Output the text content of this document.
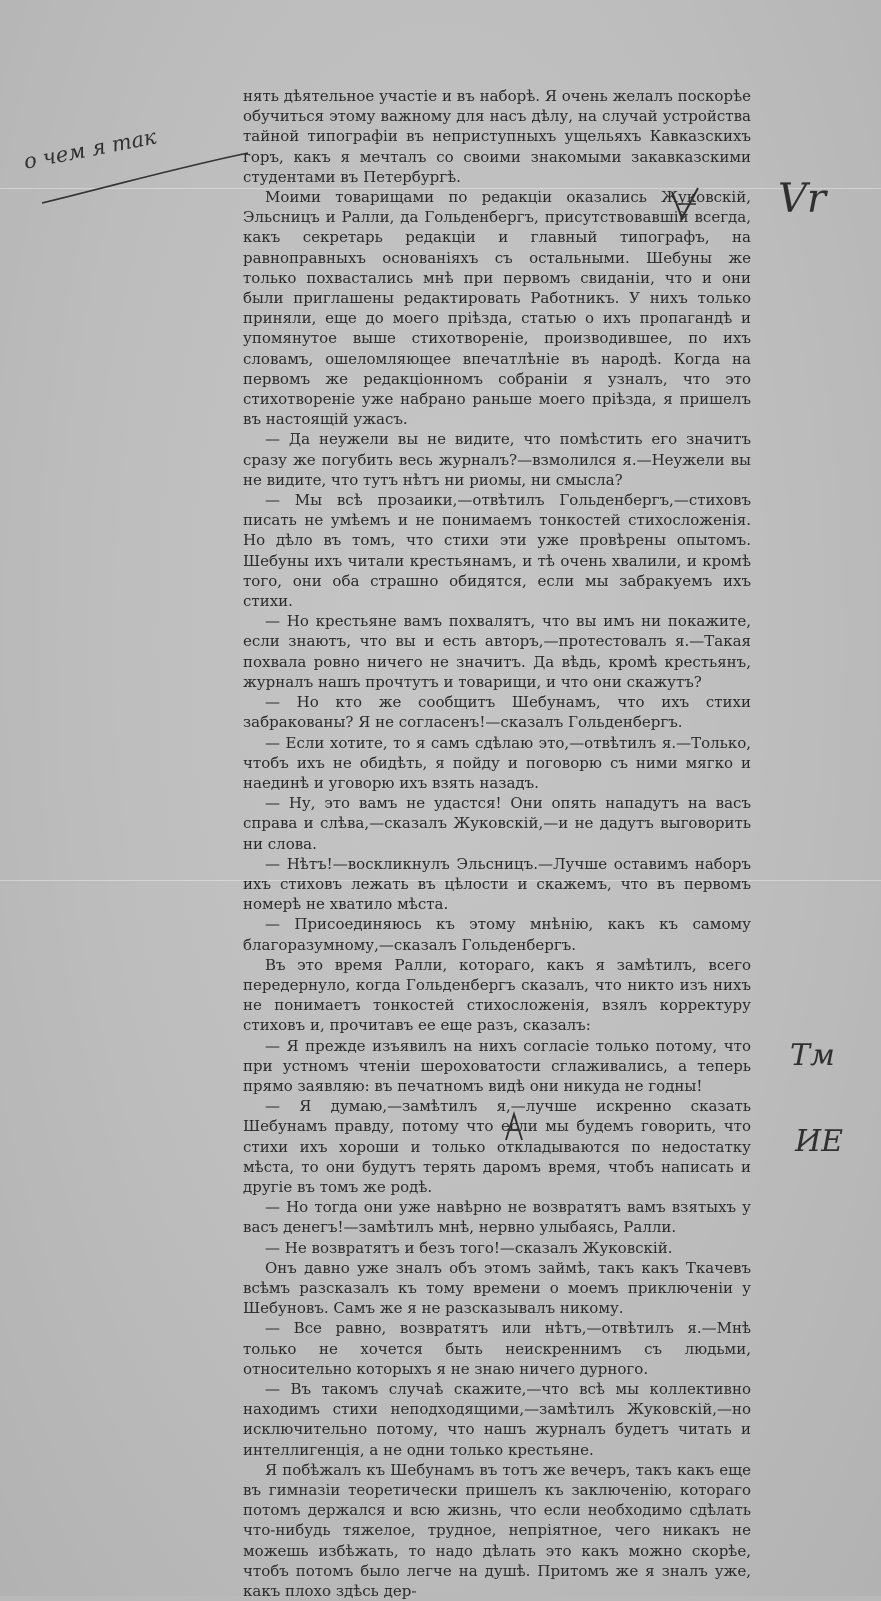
нять дѣятельное участіе и въ наборѣ. Я очень желалъ поскорѣе обучиться этому важному для насъ дѣлу, на случай устройства тайной типографіи въ неприступныхъ ущельяхъ Кавказскихъ горъ, какъ я мечталъ со своими знакомыми закавказскими студентами въ Петербургѣ.

Моими товарищами по редакціи оказались Жуковскій, Эльсницъ и Ралли, да Гольденбергъ, присутствовавшій всегда, какъ секретарь редакціи и главный типографъ, на равноправныхъ основаніяхъ съ остальными. Шебуны же только похвастались мнѣ при первомъ свиданіи, что и они были приглашены редактировать Работникъ. У нихъ только приняли, еще до моего пріѣзда, статью о ихъ пропагандѣ и упомянутое выше стихотвореніе, производившее, по ихъ словамъ, ошеломляющее впечатлѣніе въ народѣ. Когда на первомъ же редакціонномъ собраніи я узналъ, что это стихотвореніе уже набрано раньше моего пріѣзда, я пришелъ въ настоящій ужасъ.

— Да неужели вы не видите, что помѣстить его значитъ сразу же погубить весь журналъ?—взмолился я.—Неужели вы не видите, что тутъ нѣтъ ни риомы, ни смысла?

— Мы всѣ прозаики,—отвѣтилъ Гольденбергъ,—стиховъ писать не умѣемъ и не понимаемъ тонкостей стихосложенія. Но дѣло въ томъ, что стихи эти уже провѣрены опытомъ. Шебуны ихъ читали крестьянамъ, и тѣ очень хвалили, и кромѣ того, они оба страшно обидятся, если мы забракуемъ ихъ стихи.

— Но крестьяне вамъ похвалятъ, что вы имъ ни покажите, если знаютъ, что вы и есть авторъ,—протестовалъ я.—Такая похвала ровно ничего не значитъ. Да вѣдь, кромѣ крестьянъ, журналъ нашъ прочтутъ и товарищи, и что они скажутъ?

— Но кто же сообщитъ Шебунамъ, что ихъ стихи забракованы? Я не согласенъ!—сказалъ Гольденбергъ.

— Если хотите, то я самъ сдѣлаю это,—отвѣтилъ я.—Только, чтобъ ихъ не обидѣть, я пойду и поговорю съ ними мягко и наединѣ и уговорю ихъ взять назадъ.

— Ну, это вамъ не удастся! Они опять нападутъ на васъ справа и слѣва,—сказалъ Жуковскій,—и не дадутъ выговорить ни слова.

— Нѣтъ!—воскликнулъ Эльсницъ.—Лучше оставимъ наборъ ихъ стиховъ лежать въ цѣлости и скажемъ, что въ первомъ номерѣ не хватило мѣста.

— Присоединяюсь къ этому мнѣнію, какъ къ самому благоразумному,—сказалъ Гольденбергъ.

Въ это время Ралли, котораго, какъ я замѣтилъ, всего передернуло, когда Гольденбергъ сказалъ, что никто изъ нихъ не понимаетъ тонкостей стихосложенія, взялъ корректуру стиховъ и, прочитавъ ее еще разъ, сказалъ:

— Я прежде изъявилъ на нихъ согласіе только потому, что при устномъ чтеніи шероховатости сглаживались, а теперь прямо заявляю: въ печатномъ видѣ они никуда не годны!

— Я думаю,—замѣтилъ я,—лучше искренно сказать Шебунамъ правду, потому что если мы будемъ говорить, что стихи ихъ хороши и только откладываются по недостатку мѣста, то они будутъ терять даромъ время, чтобъ написать и другіе въ томъ же родѣ.

— Но тогда они уже навѣрно не возвратятъ вамъ взятыхъ у васъ денегъ!—замѣтилъ мнѣ, нервно улыбаясь, Ралли.

— Не возвратятъ и безъ того!—сказалъ Жуковскій.

Онъ давно уже зналъ объ этомъ займѣ, такъ какъ Ткачевъ всѣмъ разсказалъ къ тому времени о моемъ приключеніи у Шебуновъ. Самъ же я не разсказывалъ никому.

— Все равно, возвратятъ или нѣтъ,—отвѣтилъ я.—Мнѣ только не хочется быть неискреннимъ съ людьми, относительно которыхъ я не знаю ничего дурного.

— Въ такомъ случаѣ скажите,—что всѣ мы коллективно находимъ стихи неподходящими,—замѣтилъ Жуковскій,—но исключительно потому, что нашъ журналъ будетъ читать и интеллигенція, а не одни только крестьяне.

Я побѣжалъ къ Шебунамъ въ тотъ же вечеръ, такъ какъ еще въ гимназіи теоретически пришелъ къ заключенію, котораго потомъ держался и всю жизнь, что если необходимо сдѣлать что-нибудь тяжелое, трудное, непріятное, чего никакъ не можешь избѣжать, то надо дѣлать это какъ можно скорѣе, чтобъ потомъ было легче на душѣ. Притомъ же я зналъ уже, какъ плохо здѣсь дер-

о чем я так
Vr
Тм
ИЕ
